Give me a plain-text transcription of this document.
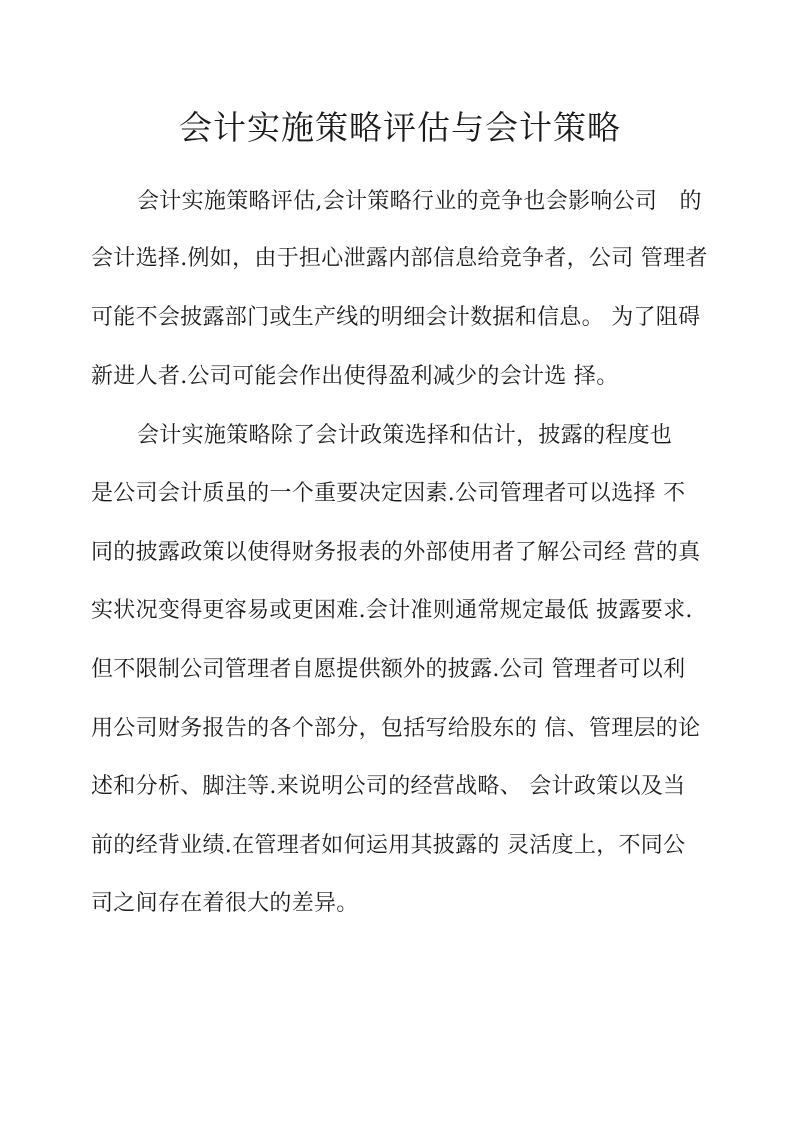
会计实施策略评估与会计策略
会计实施策略评估,会计策略行业的竞争也会影响公司　的
会计选择.例如，由于担心泄露内部信息给竞争者，公司 管理者
可能不会披露部门或生产线的明细会计数据和信息。 为了阻碍
新进人者.公司可能会作出使得盈利减少的会计选 择。
会计实施策略除了会计政策选择和估计，披露的程度也
是公司会计质虽的一个重要决定因素.公司管理者可以选择 不
同的披露政策以使得财务报表的外部使用者了解公司经 营的真
实状况变得更容易或更困难.会计准则通常规定最低 披露要求.
但不限制公司管理者自愿提供额外的披露.公司 管理者可以利
用公司财务报告的各个部分，包括写给股东的 信、管理层的论
述和分析、脚注等.来说明公司的经营战略、 会计政策以及当
前的经背业绩.在管理者如何运用其披露的 灵活度上，不同公
司之间存在着很大的差异。
